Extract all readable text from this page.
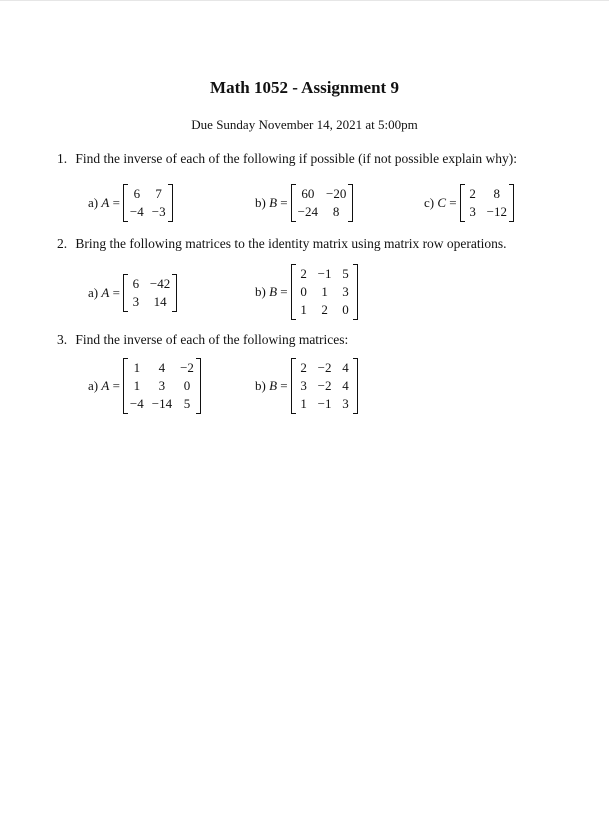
Math 1052 - Assignment 9
Due Sunday November 14, 2021 at 5:00pm
1. Find the inverse of each of the following if possible (if not possible explain why):
a) A =
6 7
−4 −3
b) B =
60 −20
−24	8
c) C =
2	8
3 −12
2. Bring the following matrices to the identity matrix using matrix row operations.
a) A =
6 −42
3 14
b) B =
2 −1 5
0 1 3
1 2 0
3. Find the inverse of each of the following matrices:
a) A =
1	4	−2
1	3	0
−4 −14 5
b) B =
2 −2 4
3 −2 4
1 −1 3
